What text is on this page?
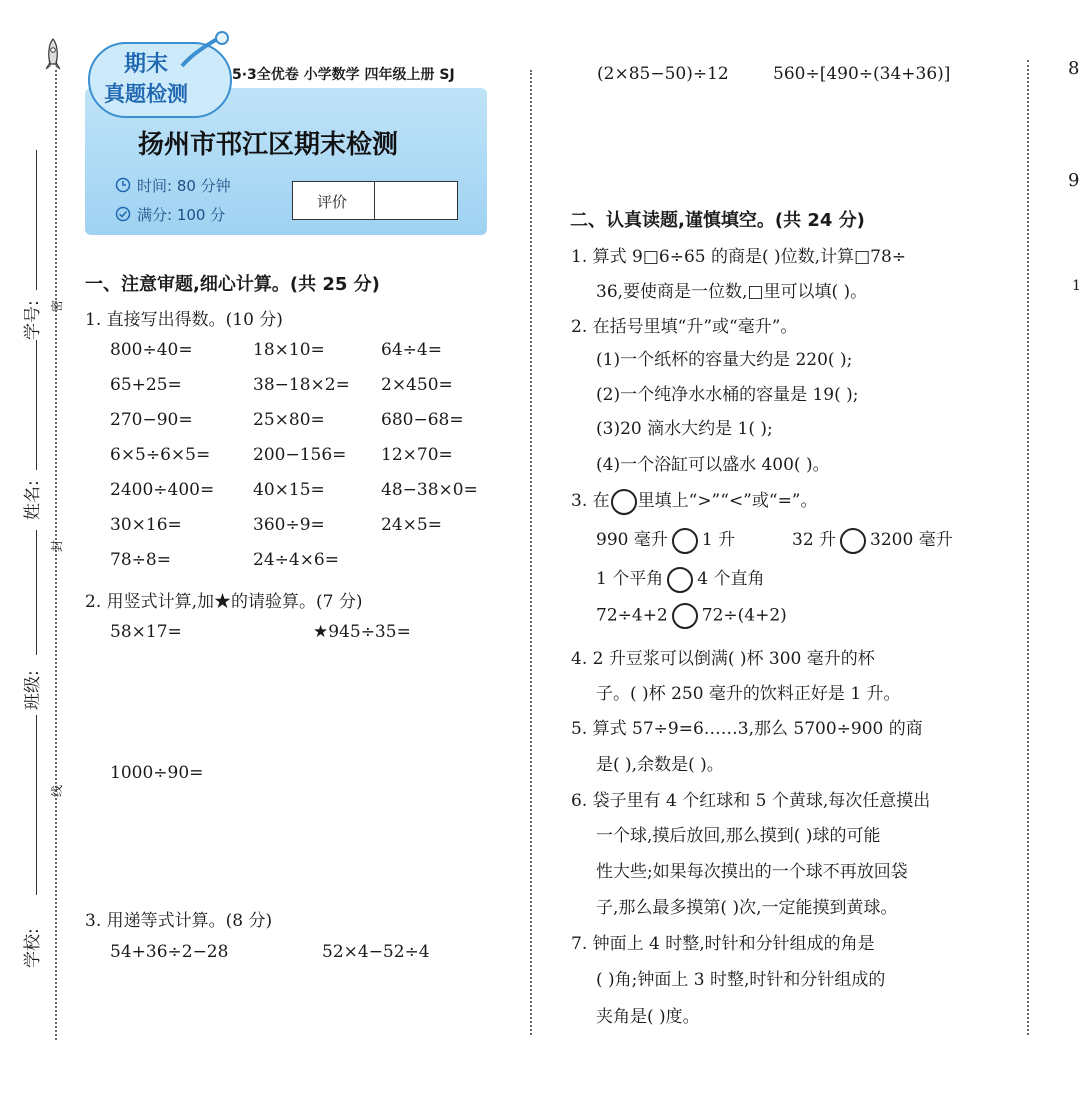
学号: 密
姓名:
封
班级:
线
学校:
期末
真题检测
5·3全优卷 小学数学 四年级上册 SJ
扬州市邗江区期末检测
时间: 80 分钟
满分: 100 分
评价
一、注意审题,细心计算。(共 25 分)
1. 直接写出得数。(10 分)
800÷40=	18×10=	64÷4=
65+25=	38−18×2= 2×450=
270−90=	25×80=	680−68=
6×5÷6×5=	200−156= 12×70=
2400÷400= 40×15=	48−38×0=
30×16=	360÷9=	24×5=
78÷8=	24÷4×6=
2. 用竖式计算,加★的请验算。(7 分)
58×17=	★945÷35=
1000÷90=
3. 用递等式计算。(8 分)
54+36÷2−28	52×4−52÷4
(2×85−50)÷12	560÷[490÷(34+36)]
二、认真读题,谨慎填空。(共 24 分)
1. 算式 9□6÷65 的商是( )位数,计算□78÷
36,要使商是一位数,□里可以填( )。
2. 在括号里填“升”或“毫升”。
(1)一个纸杯的容量大约是 220( );
(2)一个纯净水水桶的容量是 19( );
(3)20 滴水大约是 1( );
(4)一个浴缸可以盛水 400( )。
3. 在 里填上“>”“<”或“=”。
990 毫升 1 升	32 升 3200 毫升
1 个平角 4 个直角
72÷4+2 72÷(4+2)
4. 2 升豆浆可以倒满( )杯 300 毫升的杯
子。( )杯 250 毫升的饮料正好是 1 升。
5. 算式 57÷9=6……3,那么 5700÷900 的商
是( ),余数是( )。
6. 袋子里有 4 个红球和 5 个黄球,每次任意摸出
一个球,摸后放回,那么摸到( )球的可能
性大些;如果每次摸出的一个球不再放回袋
子,那么最多摸第( )次,一定能摸到黄球。
7. 钟面上 4 时整,时针和分针组成的角是
( )角;钟面上 3 时整,时针和分针组成的
夹角是( )度。
8
9
1
